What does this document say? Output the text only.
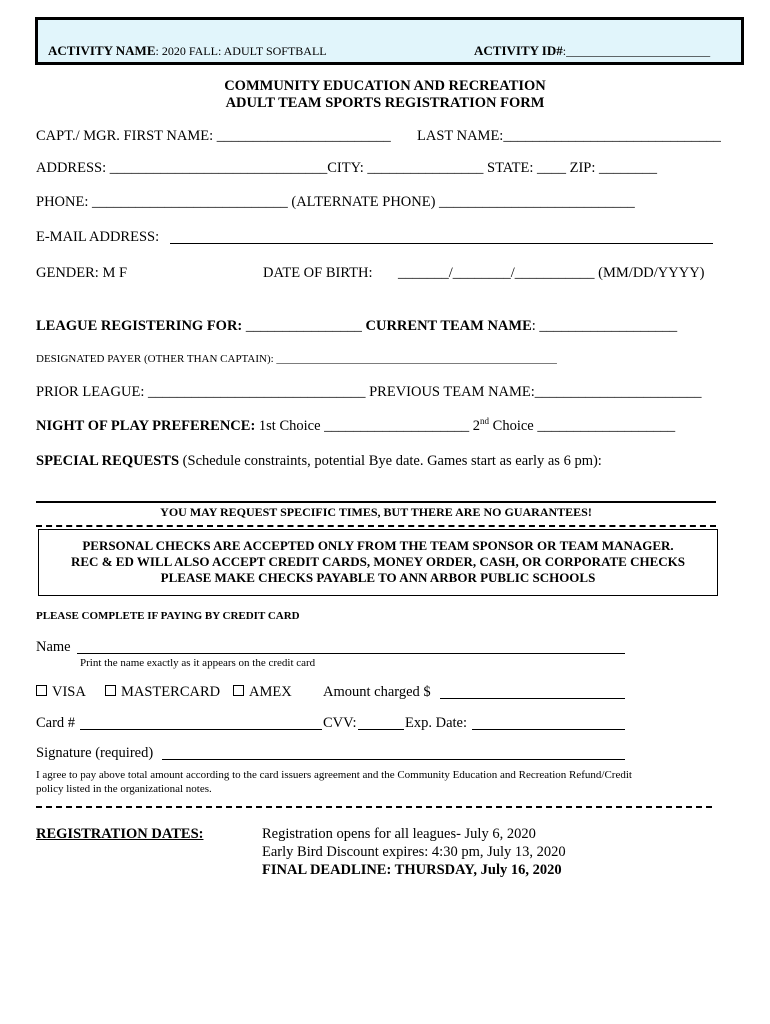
ACTIVITY NAME: 2020 FALL: ADULT SOFTBALL	ACTIVITY ID#:________________________
COMMUNITY EDUCATION AND RECREATION
ADULT TEAM SPORTS REGISTRATION FORM
CAPT./ MGR. FIRST NAME: ________________________ LAST NAME:______________________________
ADDRESS: ______________________________CITY: ________________ STATE: ____ ZIP: ________
PHONE: ___________________________ (ALTERNATE PHONE) ___________________________
E-MAIL ADDRESS:
GENDER: M F	DATE OF BIRTH: _______/________/___________ (MM/DD/YYYY)
LEAGUE REGISTERING FOR: ________________ CURRENT TEAM NAME: ___________________
DESIGNATED PAYER (OTHER THAN CAPTAIN): ___________________________________________________
PRIOR LEAGUE: ______________________________ PREVIOUS TEAM NAME:_______________________
NIGHT OF PLAY PREFERENCE: 1st Choice ____________________ 2nd Choice ___________________
SPECIAL REQUESTS (Schedule constraints, potential Bye date. Games start as early as 6 pm):
YOU MAY REQUEST SPECIFIC TIMES, BUT THERE ARE NO GUARANTEES!
PERSONAL CHECKS ARE ACCEPTED ONLY FROM THE TEAM SPONSOR OR TEAM MANAGER.
REC & ED WILL ALSO ACCEPT CREDIT CARDS, MONEY ORDER, CASH, OR CORPORATE CHECKS
PLEASE MAKE CHECKS PAYABLE TO ANN ARBOR PUBLIC SCHOOLS
PLEASE COMPLETE IF PAYING BY CREDIT CARD
Name
Print the name exactly as it appears on the credit card
VISA	MASTERCARD	AMEX Amount charged $
Card #	CVV:	Exp. Date:
Signature (required)
I agree to pay above total amount according to the card issuers agreement and the Community Education and Recreation Refund/Credit
policy listed in the organizational notes.
REGISTRATION DATES:	Registration opens for all leagues- July 6, 2020
Early Bird Discount expires: 4:30 pm, July 13, 2020
FINAL DEADLINE: THURSDAY, July 16, 2020
